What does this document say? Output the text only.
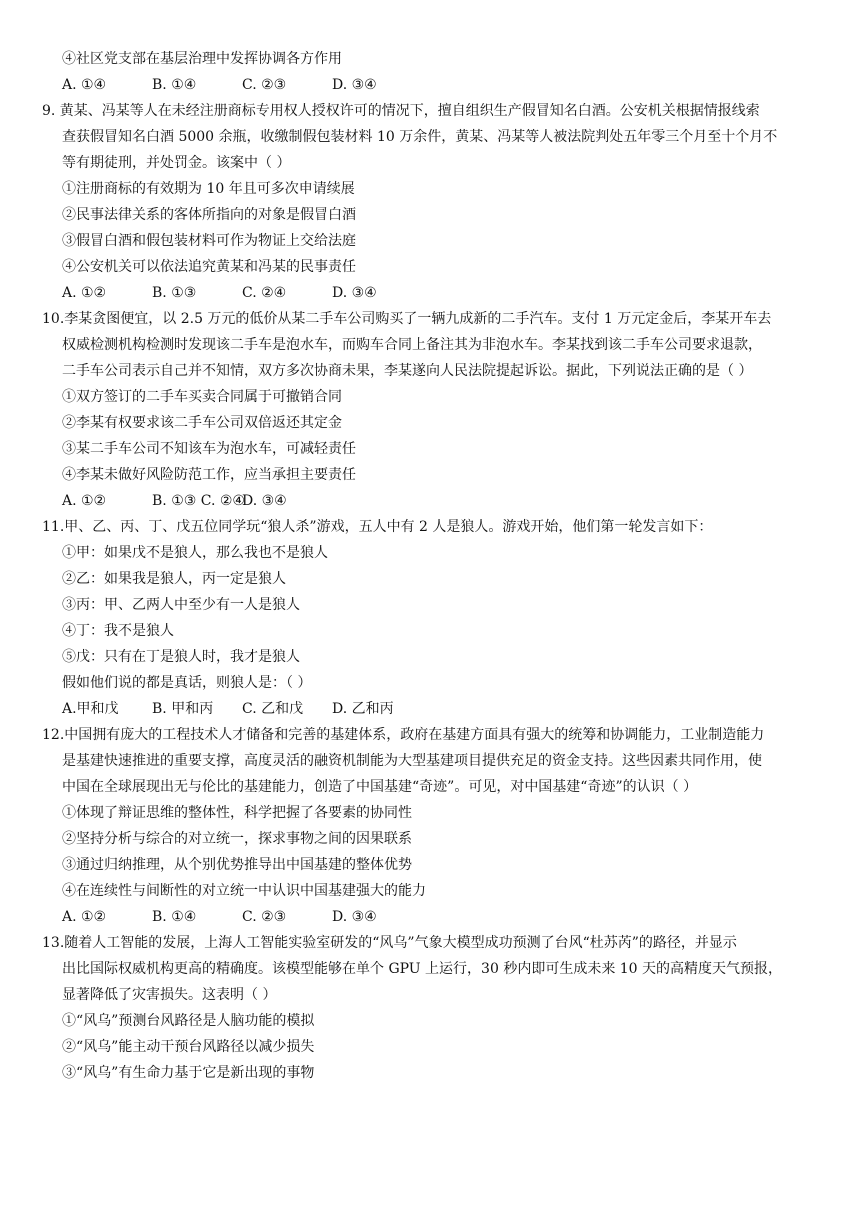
④社区党支部在基层治理中发挥协调各方作用
A. ①④	B. ①④	C. ②③	D. ③④
9. 黄某、冯某等人在未经注册商标专用权人授权许可的情况下，擅自组织生产假冒知名白酒。公安机关根据情报线索
查获假冒知名白酒 5000 余瓶，收缴制假包装材料 10 万余件，黄某、冯某等人被法院判处五年零三个月至十个月不
等有期徒刑，并处罚金。该案中（ ）
①注册商标的有效期为 10 年且可多次申请续展
②民事法律关系的客体所指向的对象是假冒白酒
③假冒白酒和假包装材料可作为物证上交给法庭
④公安机关可以依法追究黄某和冯某的民事责任
A. ①②	B. ①③	C. ②④	D. ③④
10.李某贪图便宜，以 2.5 万元的低价从某二手车公司购买了一辆九成新的二手汽车。支付 1 万元定金后，李某开车去
权威检测机构检测时发现该二手车是泡水车，而购车合同上备注其为非泡水车。李某找到该二手车公司要求退款，
二手车公司表示自己并不知情，双方多次协商未果，李某遂向人民法院提起诉讼。据此，下列说法正确的是（ ）
①双方签订的二手车买卖合同属于可撤销合同
②李某有权要求该二手车公司双倍返还其定金
③某二手车公司不知该车为泡水车，可减轻责任
④李某未做好风险防范工作，应当承担主要责任
A. ①②	B. ①③ C. ②④
D. ③④
11.甲、乙、丙、丁、戊五位同学玩“狼人杀”游戏，五人中有 2 人是狼人。游戏开始，他们第一轮发言如下：
①甲：如果戊不是狼人，那么我也不是狼人
②乙：如果我是狼人，丙一定是狼人
③丙：甲、乙两人中至少有一人是狼人
④丁：我不是狼人
⑤戊：只有在丁是狼人时，我才是狼人
假如他们说的都是真话，则狼人是：（ ）
A.甲和戊 B. 甲和丙 C. 乙和戊 D. 乙和丙
12.中国拥有庞大的工程技术人才储备和完善的基建体系，政府在基建方面具有强大的统筹和协调能力，工业制造能力
是基建快速推进的重要支撑，高度灵活的融资机制能为大型基建项目提供充足的资金支持。这些因素共同作用，使
中国在全球展现出无与伦比的基建能力，创造了中国基建“奇迹”。可见，对中国基建“奇迹”的认识（ ）
①体现了辩证思维的整体性，科学把握了各要素的协同性
②坚持分析与综合的对立统一，探求事物之间的因果联系
③通过归纳推理，从个别优势推导出中国基建的整体优势
④在连续性与间断性的对立统一中认识中国基建强大的能力
A. ①②	B. ①④	C. ②③	D. ③④
13.随着人工智能的发展，上海人工智能实验室研发的“风乌”气象大模型成功预测了台风“杜苏芮”的路径，并显示
出比国际权威机构更高的精确度。该模型能够在单个 GPU 上运行，30 秒内即可生成未来 10 天的高精度天气预报，
显著降低了灾害损失。这表明（ ）
①“风乌”预测台风路径是人脑功能的模拟
②“风乌”能主动干预台风路径以减少损失
③“风乌”有生命力基于它是新出现的事物
